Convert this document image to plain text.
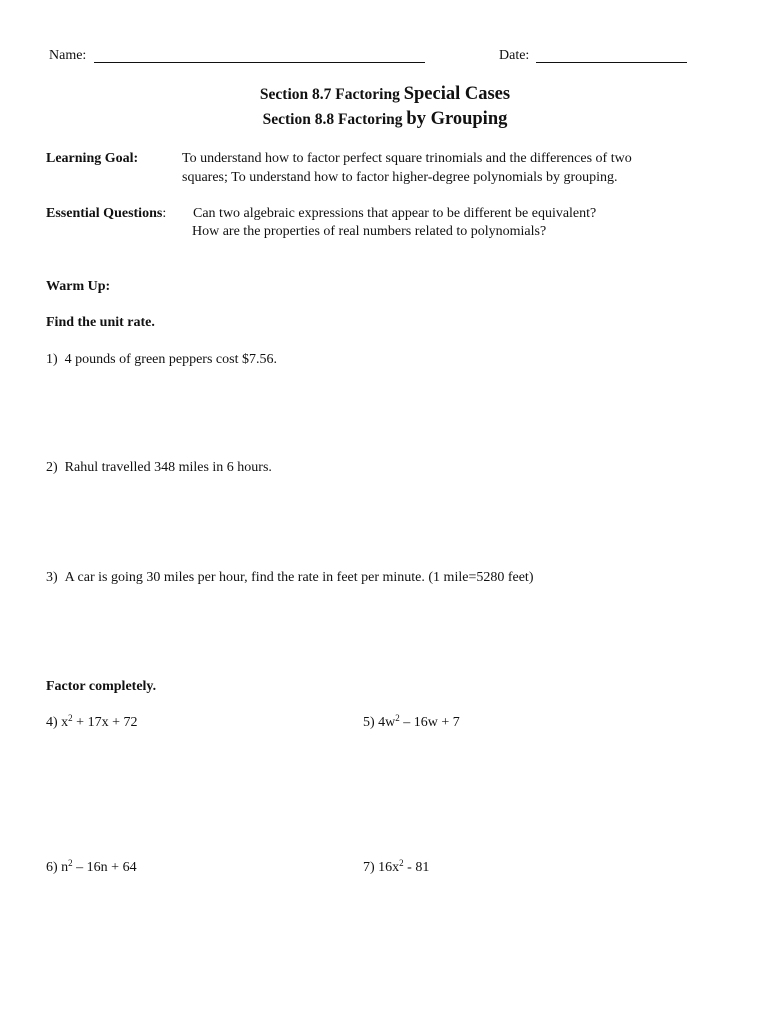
Name:	Date:
Section 8.7 Factoring Special Cases
Section 8.8 Factoring by Grouping
Learning Goal:	To understand how to factor perfect square trinomials and the differences of two
squares; To understand how to factor higher-degree polynomials by grouping.
Essential Questions: Can two algebraic expressions that appear to be different be equivalent?
How are the properties of real numbers related to polynomials?
Warm Up:
Find the unit rate.
1) 4 pounds of green peppers cost $7.56.
2) Rahul travelled 348 miles in 6 hours.
3) A car is going 30 miles per hour, find the rate in feet per minute. (1 mile=5280 feet)
Factor completely.
4) $x^2 + 17x + 72$	5) $4w^2 - 16w + 7$
6) $n^2 - 16n + 64$	7) $16x^2 - 81$
